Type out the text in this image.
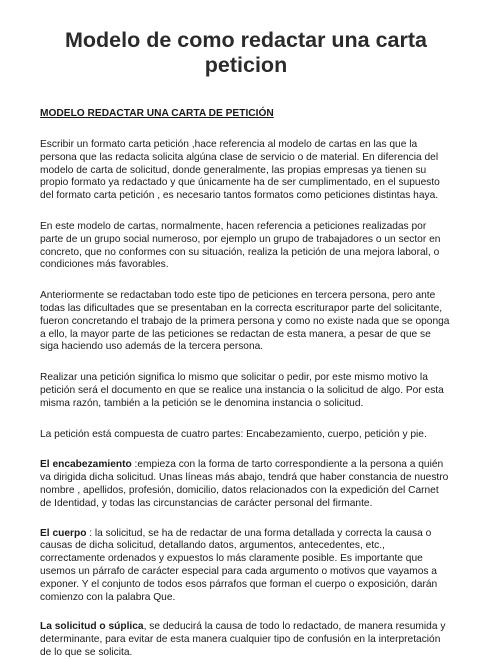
Modelo de como redactar una carta peticion
MODELO REDACTAR UNA CARTA DE PETICIÓN

Escribir un formato carta petición ,hace referencia al modelo de cartas en las que la persona que las redacta solicita algúna clase de servicio o de material. En diferencia del modelo de carta de solicitud, donde generalmente, las propias empresas ya tienen su propio formato ya redactado y que únicamente ha de ser cumplimentado, en el supuesto del formato carta petición , es necesario tantos formatos como peticiones distintas haya.

En este modelo de cartas, normalmente, hacen referencia a peticiones realizadas por parte de un grupo social numeroso, por ejemplo un grupo de trabajadores o un sector en concreto, que no conformes con su situación, realiza la petición de una mejora laboral, o condiciones más favorables.

Anteriormente se redactaban todo este tipo de peticiones en tercera persona, pero ante todas las dificultades que se presentaban en la correcta escriturapor parte del solicitante, fueron concretando el trabajo de la primera persona y como no existe nada que se oponga a ello, la mayor parte de las peticiones se redactan de esta manera, a pesar de que se siga haciendo uso además de la tercera persona.

Realizar una petición significa lo mismo que solicitar o pedir, por este mismo motivo la petición será el documento en que se realice una instancia o la solicitud de algo. Por esta misma razón, también a la petición se le denomina instancia o solicitud.

La petición está compuesta de cuatro partes: Encabezamiento, cuerpo, petición y pie.

El encabezamiento :empieza con la forma de tarto correspondiente a la persona a quién va dirigida dicha solicitud. Unas líneas más abajo, tendrá que haber constancia de nuestro nombre , apellidos, profesión, domicilio, datos relacionados con la expedición del Carnet de Identidad, y todas las circunstancias de carácter personal del firmante.

El cuerpo : la solicitud, se ha de redactar de una forma detallada y correcta la causa o causas de dicha solicitud, detallando datos, argumentos, antecedentes, etc., correctamente ordenados y expuestos lo más claramente posible. Es importante que usemos un párrafo de carácter especial para cada argumento o motivos que vayamos a exponer. Y el conjunto de todos esos párrafos que forman el cuerpo o exposición, darán comienzo con la palabra Que.

La solicitud o súplica, se deducirá la causa de todo lo redactado, de manera resumida y determinante, para evitar de esta manera cualquier tipo de confusión en la interpretación de lo que se solicita.
